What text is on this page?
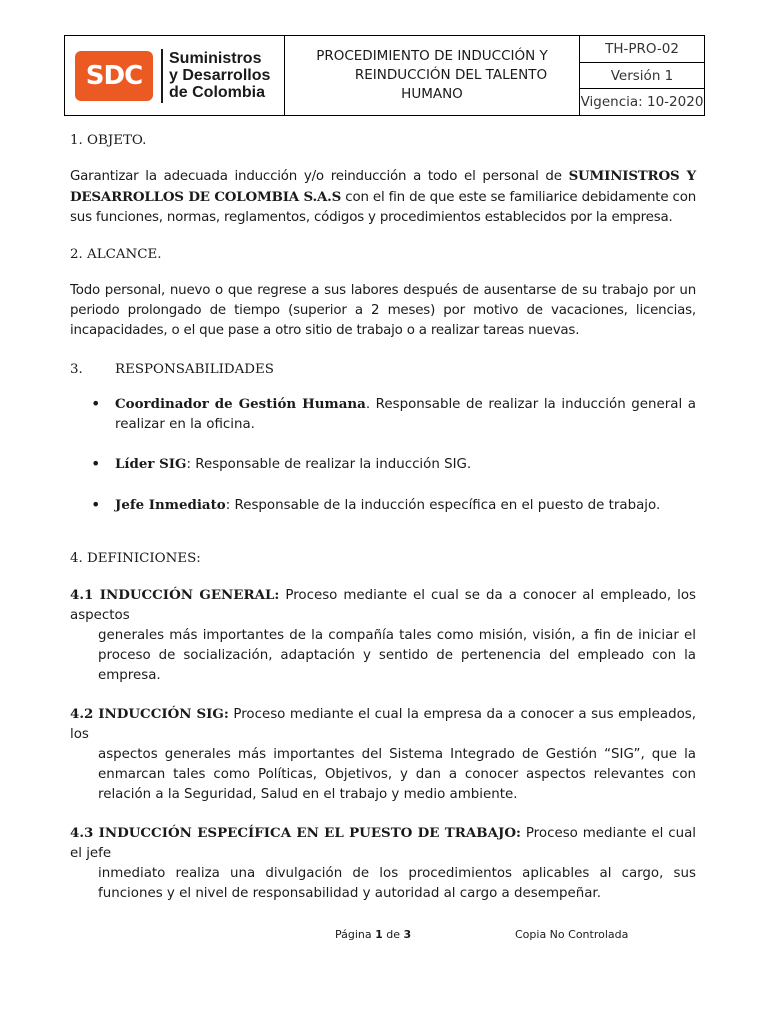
SDC
Suministros
y Desarrollos
de Colombia
PROCEDIMIENTO DE INDUCCIÓN Y
REINDUCCIÓN DEL TALENTO
HUMANO
TH-PRO-02
Versión 1
Vigencia: 10-2020

1. OBJETO.

Garantizar la adecuada inducción y/o reinducción a todo el personal de SUMINISTROS Y DESARROLLOS DE COLOMBIA S.A.S con el fin de que este se familiarice debidamente con sus funciones, normas, reglamentos, códigos y procedimientos establecidos por la empresa.

2. ALCANCE.

Todo personal, nuevo o que regrese a sus labores después de ausentarse de su trabajo por un periodo prolongado de tiempo (superior a 2 meses) por motivo de vacaciones, licencias, incapacidades, o el que pase a otro sitio de trabajo o a realizar tareas nuevas.

3.	RESPONSABILIDADES
• Coordinador de Gestión Humana. Responsable de realizar la inducción general a realizar en la oficina.
• Líder SIG: Responsable de realizar la inducción SIG.
• Jefe Inmediato: Responsable de la inducción específica en el puesto de trabajo.

4. DEFINICIONES:

4.1 INDUCCIÓN GENERAL: Proceso mediante el cual se da a conocer al empleado, los aspectos
generales más importantes de la compañía tales como misión, visión, a fin de iniciar el proceso de socialización, adaptación y sentido de pertenencia del empleado con la empresa.

4.2 INDUCCIÓN SIG: Proceso mediante el cual la empresa da a conocer a sus empleados, los
aspectos generales más importantes del Sistema Integrado de Gestión “SIG”, que la enmarcan tales como Políticas, Objetivos, y dan a conocer aspectos relevantes con relación a la Seguridad, Salud en el trabajo y medio ambiente.

4.3 INDUCCIÓN ESPECÍFICA EN EL PUESTO DE TRABAJO: Proceso mediante el cual el jefe
inmediato realiza una divulgación de los procedimientos aplicables al cargo, sus funciones y el nivel de responsabilidad y autoridad al cargo a desempeñar.

Página 1 de 3	Copia No Controlada
